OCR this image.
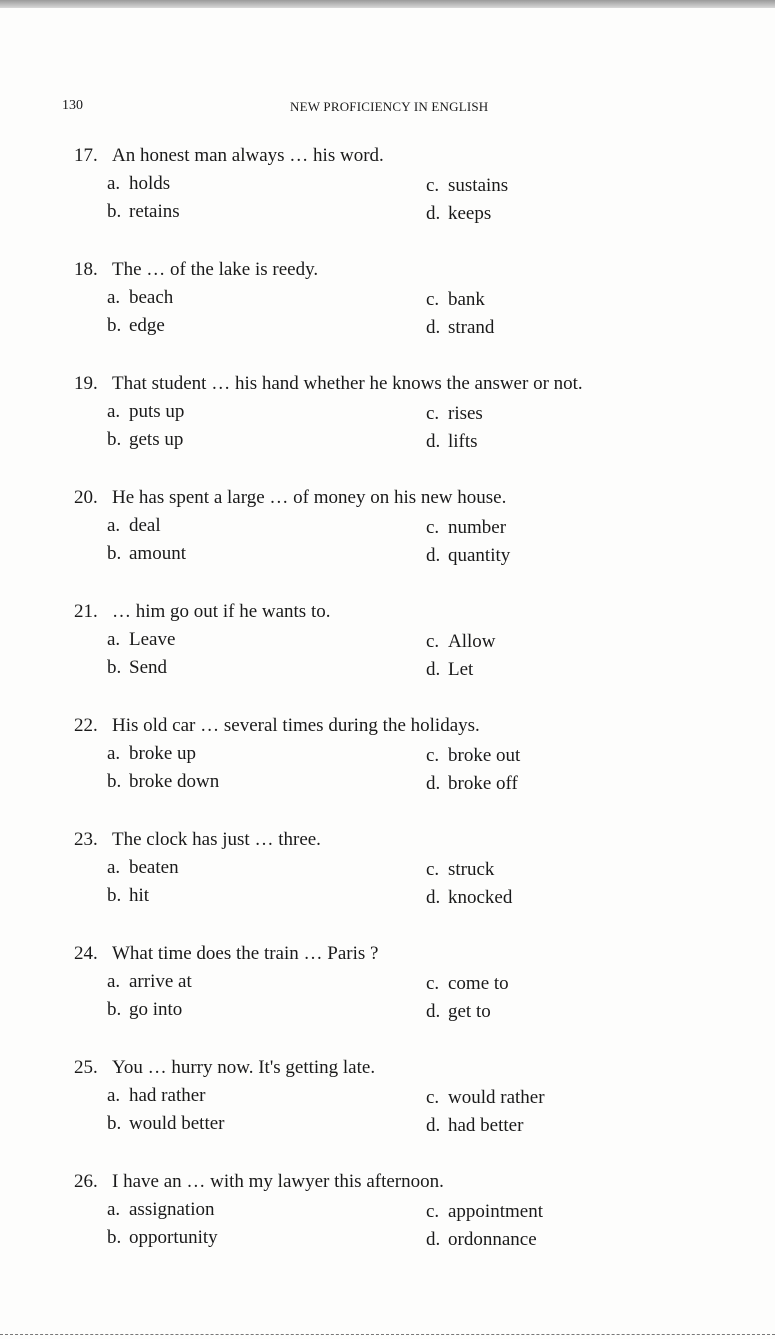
130	NEW PROFICIENCY IN ENGLISH
17. An honest man always … his word.
a. holds
b. retains
c. sustains
d. keeps
18. The … of the lake is reedy.
a. beach
b. edge
c. bank
d. strand
19. That student … his hand whether he knows the answer or not.
a. puts up
b. gets up
c. rises
d. lifts
20. He has spent a large … of money on his new house.
a. deal
b. amount
c. number
d. quantity
21. … him go out if he wants to.
a. Leave
b. Send
c. Allow
d. Let
22. His old car … several times during the holidays.
a. broke up
b. broke down
c. broke out
d. broke off
23. The clock has just … three.
a. beaten
b. hit
c. struck
d. knocked
24. What time does the train … Paris ?
a. arrive at
b. go into
c. come to
d. get to
25. You … hurry now. It's getting late.
a. had rather
b. would better
c. would rather
d. had better
26. I have an … with my lawyer this afternoon.
a. assignation
b. opportunity
c. appointment
d. ordonnance
